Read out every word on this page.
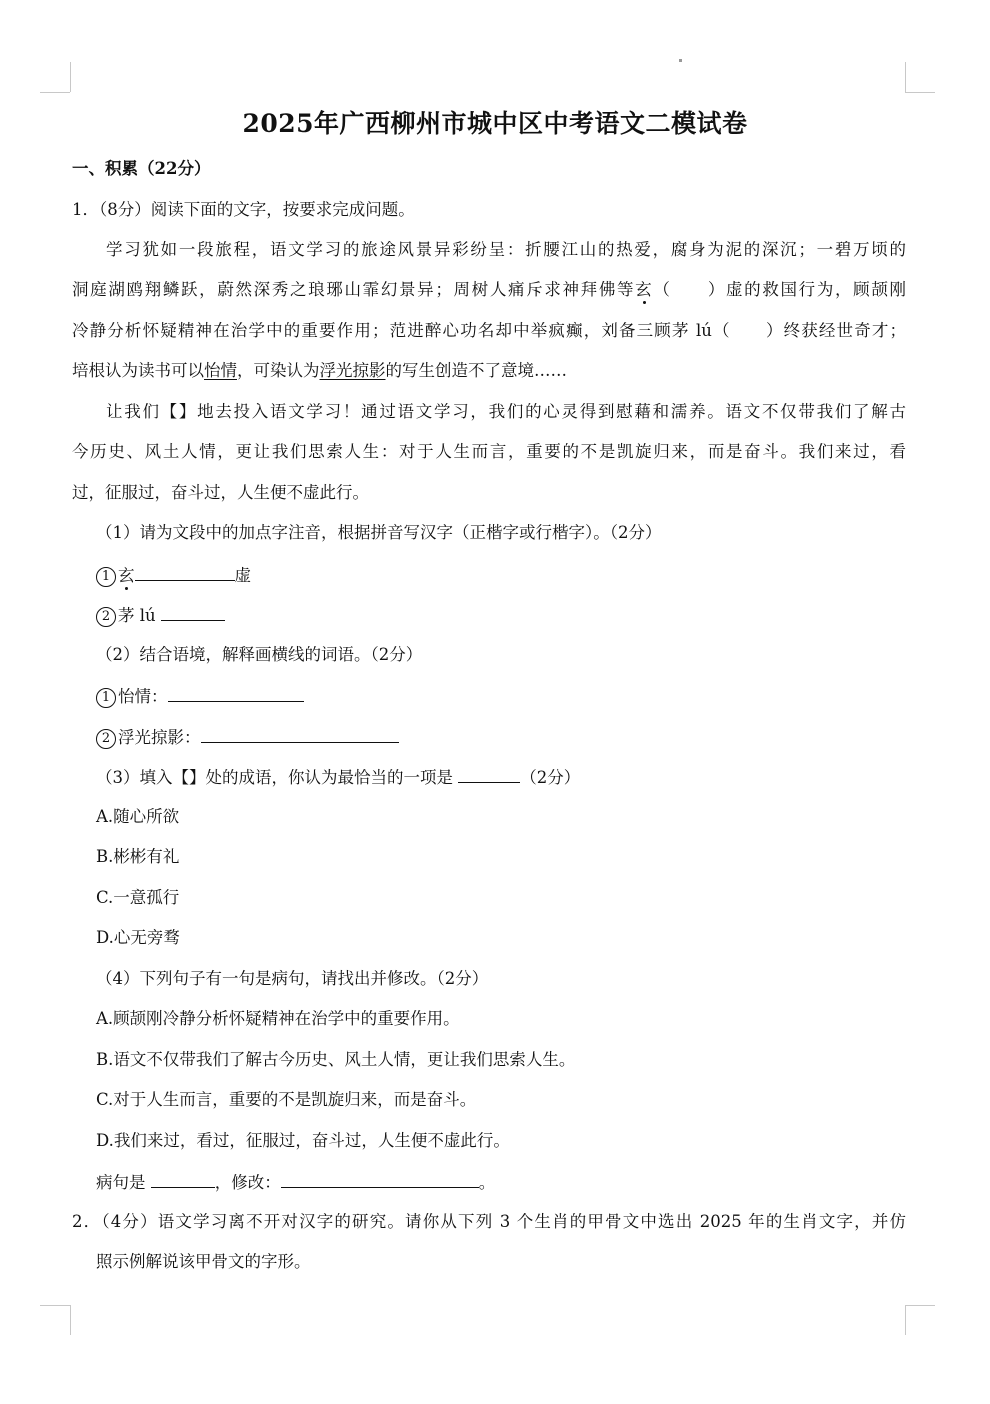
2025年广西柳州市城中区中考语文二模试卷
一、积累（22分）
1．（8分）阅读下面的文字，按要求完成问题。
学习犹如一段旅程，语文学习的旅途风景异彩纷呈：折腰江山的热爱，腐身为泥的深沉；一碧万顷的
洞庭湖鸥翔鳞跃，蔚然深秀之琅琊山霏幻景异；周树人痛斥求神拜佛等玄（　　）虚的救国行为，顾颉刚
冷静分析怀疑精神在治学中的重要作用；范进醉心功名却中举疯癫，刘备三顾茅 lú（　　）终获经世奇才；
培根认为读书可以怡情，可染认为浮光掠影的写生创造不了意境……
让我们【】地去投入语文学习！通过语文学习，我们的心灵得到慰藉和濡养。语文不仅带我们了解古
今历史、风土人情，更让我们思索人生：对于人生而言，重要的不是凯旋归来，而是奋斗。我们来过，看
过，征服过，奋斗过，人生便不虚此行。
（1）请为文段中的加点字注音，根据拼音写汉字（正楷字或行楷字）。（2分）
1 玄	虚
2 茅 lú
（2）结合语境，解释画横线的词语。（2分）
1 怡情：
2 浮光掠影：
（3）填入【】处的成语，你认为最恰当的一项是	（2分）
A.随心所欲
B.彬彬有礼
C.一意孤行
D.心无旁骛
（4）下列句子有一句是病句，请找出并修改。（2分）
A.顾颉刚冷静分析怀疑精神在治学中的重要作用。
B.语文不仅带我们了解古今历史、风土人情，更让我们思索人生。
C.对于人生而言，重要的不是凯旋归来，而是奋斗。
D.我们来过，看过，征服过，奋斗过，人生便不虚此行。
病句是	，修改：	。
2．（4分）语文学习离不开对汉字的研究。请你从下列 3 个生肖的甲骨文中选出 2025 年的生肖文字，并仿
照示例解说该甲骨文的字形。
